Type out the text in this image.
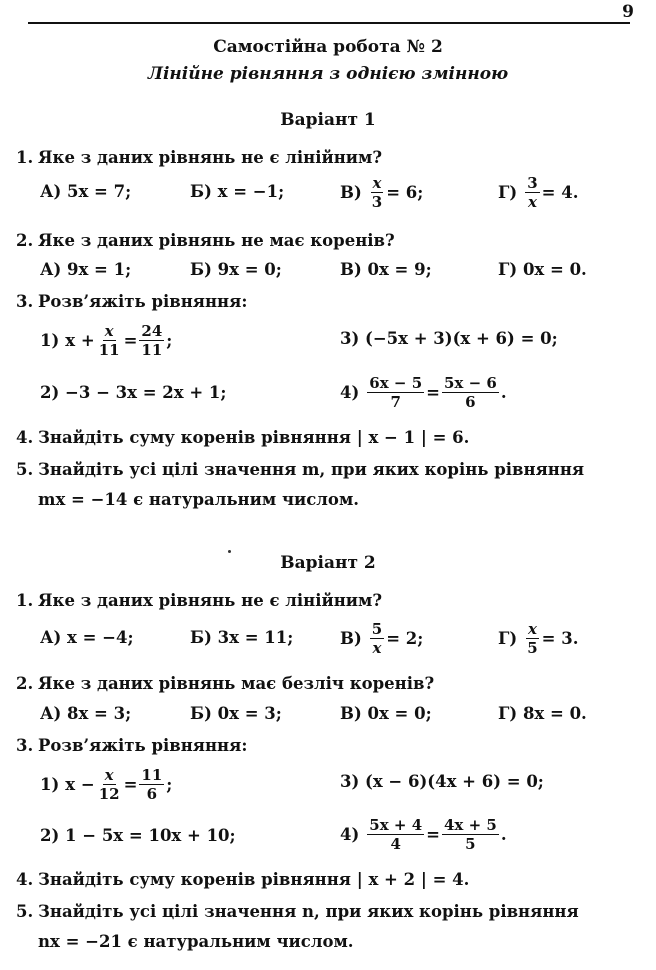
9
Самостійна робота № 2
Лінійне рівняння з однією змінною
Варіант 1
1. Яке з даних рівнянь не є лінійним?
А) 5x = 7;	Б) x = −1;	$В) \frac{x}{3} = 6$;	$Г) \frac{3}{x} = 4$.
2. Яке з даних рівнянь не має коренів?
А) 9x = 1;	Б) 9x = 0;	В) 0x = 9;	Г) 0x = 0.
3. Розв’яжіть рівняння:
1) $x + \frac{x}{11} = \frac{24}{11}$ ;	3) (−5x + 3)(x + 6) = 0;
2) −3 − 3x = 2x + 1;	$4) \frac{6x - 5}{7} = \frac{5x - 6}{6}$ .
4. Знайдіть суму коренів рівняння | x − 1 | = 6.
5. Знайдіть усі цілі значення m, при яких корінь рівняння
mx = −14 є натуральним числом.
Варіант 2
1. Яке з даних рівнянь не є лінійним?
А) x = −4;	Б) 3x = 11;	$В) \frac{5}{x} = 2$;	$Г) \frac{x}{5} = 3$.
2. Яке з даних рівнянь має безліч коренів?
А) 8x = 3;	Б) 0x = 3;	В) 0x = 0;	Г) 8x = 0.
3. Розв’яжіть рівняння:
1) $x - \frac{x}{12} = \frac{11}{6}$ ;	3) (x − 6)(4x + 6) = 0;
2) 1 − 5x = 10x + 10;	$4) \frac{5x + 4}{4} = \frac{4x + 5}{5}$ .
4. Знайдіть суму коренів рівняння | x + 2 | = 4.
5. Знайдіть усі цілі значення n, при яких корінь рівняння
nx = −21 є натуральним числом.
